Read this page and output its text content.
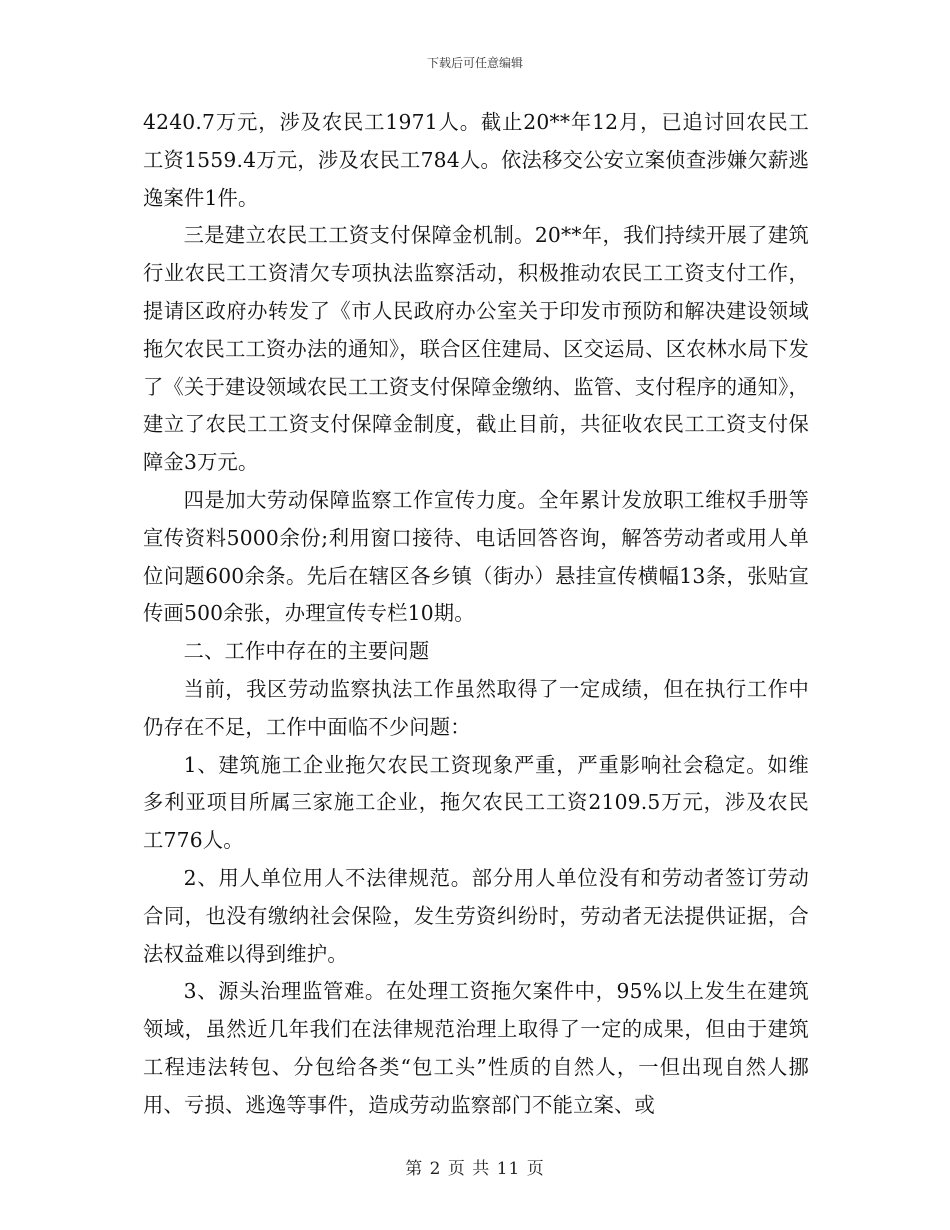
下载后可任意编辑

4240.7万元，涉及农民工1971人。截止20**年12月，已追讨回农民工工资1559.4万元，涉及农民工784人。依法移交公安立案侦查涉嫌欠薪逃逸案件1件。

三是建立农民工工资支付保障金机制。20**年，我们持续开展了建筑行业农民工工资清欠专项执法监察活动，积极推动农民工工资支付工作，提请区政府办转发了《市人民政府办公室关于印发市预防和解决建设领域拖欠农民工工资办法的通知》，联合区住建局、区交运局、区农林水局下发了《关于建设领域农民工工资支付保障金缴纳、监管、支付程序的通知》，建立了农民工工资支付保障金制度，截止目前，共征收农民工工资支付保障金3万元。

四是加大劳动保障监察工作宣传力度。全年累计发放职工维权手册等宣传资料5000余份;利用窗口接待、电话回答咨询，解答劳动者或用人单位问题600余条。先后在辖区各乡镇（街办）悬挂宣传横幅13条，张贴宣传画500余张，办理宣传专栏10期。

二、工作中存在的主要问题

当前，我区劳动监察执法工作虽然取得了一定成绩，但在执行工作中仍存在不足，工作中面临不少问题：

1、建筑施工企业拖欠农民工资现象严重，严重影响社会稳定。如维多利亚项目所属三家施工企业，拖欠农民工工资2109.5万元，涉及农民工776人。

2、用人单位用人不法律规范。部分用人单位没有和劳动者签订劳动合同，也没有缴纳社会保险，发生劳资纠纷时，劳动者无法提供证据，合法权益难以得到维护。

3、源头治理监管难。在处理工资拖欠案件中，95%以上发生在建筑领域，虽然近几年我们在法律规范治理上取得了一定的成果，但由于建筑工程违法转包、分包给各类“包工头”性质的自然人，一但出现自然人挪用、亏损、逃逸等事件，造成劳动监察部门不能立案、或

第 2 页 共 11 页
